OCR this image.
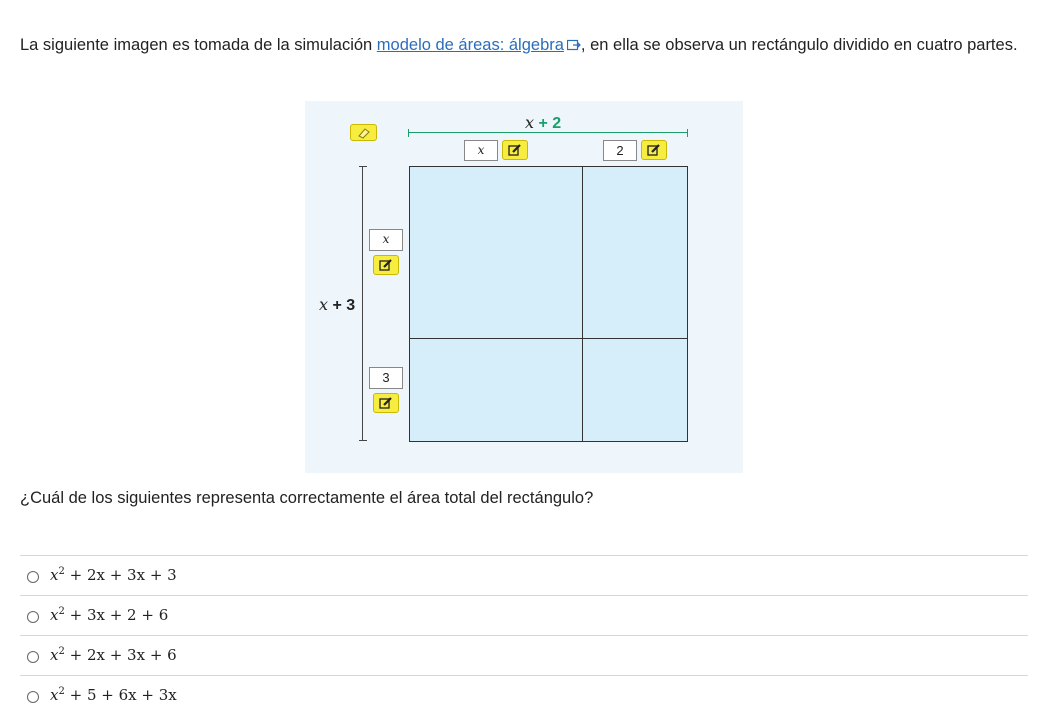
La siguiente imagen es tomada de la simulación modelo de áreas: álgebra , en ella se observa un rectángulo dividido en cuatro partes.
x + 2
x	2
x + 3
x
3
¿Cuál de los siguientes representa correctamente el área total del rectángulo?
$x^2 + 2x + 3x + 3$
$x^2 + 3x + 2 + 6$
$x^2 + 2x + 3x + 6$
$x^2 + 5 + 6x + 3x$
